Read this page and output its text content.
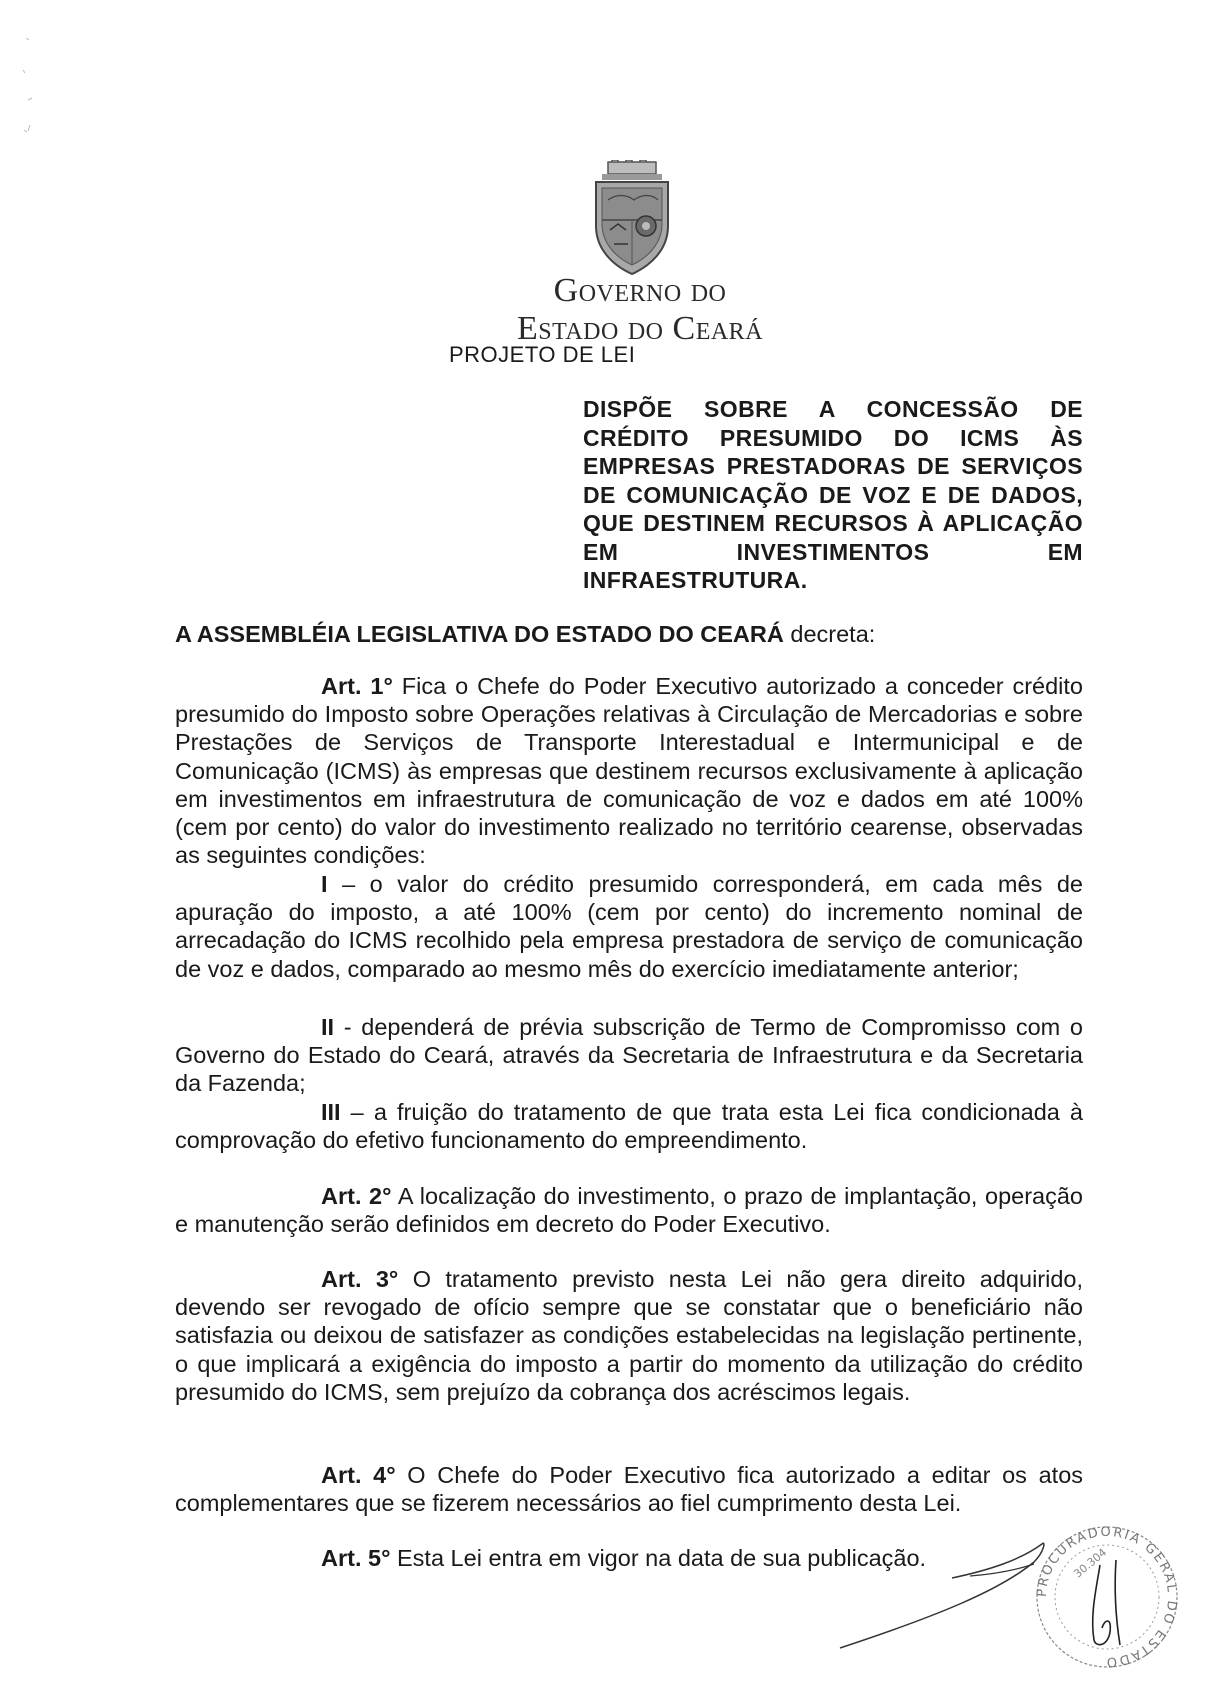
GOVERNO DO
ESTADO DO CEARÁ
PROJETO DE LEI
DISPÕE SOBRE A CONCESSÃO DE CRÉDITO PRESUMIDO DO ICMS ÀS EMPRESAS PRESTADORAS DE SERVIÇOS DE COMUNICAÇÃO DE VOZ E DE DADOS, QUE DESTINEM RECURSOS À APLICAÇÃO EM INVESTIMENTOS EM INFRAESTRUTURA.
A ASSEMBLÉIA LEGISLATIVA DO ESTADO DO CEARÁ decreta:
Art. 1° Fica o Chefe do Poder Executivo autorizado a conceder crédito presumido do Imposto sobre Operações relativas à Circulação de Mercadorias e sobre Prestações de Serviços de Transporte Interestadual e Intermunicipal e de Comunicação (ICMS) às empresas que destinem recursos exclusivamente à aplicação em investimentos em infraestrutura de comunicação de voz e dados em até 100% (cem por cento) do valor do investimento realizado no território cearense, observadas as seguintes condições:
I – o valor do crédito presumido corresponderá, em cada mês de apuração do imposto, a até 100% (cem por cento) do incremento nominal de arrecadação do ICMS recolhido pela empresa prestadora de serviço de comunicação de voz e dados, comparado ao mesmo mês do exercício imediatamente anterior;
II - dependerá de prévia subscrição de Termo de Compromisso com o Governo do Estado do Ceará, através da Secretaria de Infraestrutura e da Secretaria da Fazenda;
III – a fruição do tratamento de que trata esta Lei fica condicionada à comprovação do efetivo funcionamento do empreendimento.
Art. 2° A localização do investimento, o prazo de implantação, operação e manutenção serão definidos em decreto do Poder Executivo.
Art. 3° O tratamento previsto nesta Lei não gera direito adquirido, devendo ser revogado de ofício sempre que se constatar que o beneficiário não satisfazia ou deixou de satisfazer as condições estabelecidas na legislação pertinente, o que implicará a exigência do imposto a partir do momento da utilização do crédito presumido do ICMS, sem prejuízo da cobrança dos acréscimos legais.
Art. 4° O Chefe do Poder Executivo fica autorizado a editar os atos complementares que se fizerem necessários ao fiel cumprimento desta Lei.
Art. 5° Esta Lei entra em vigor na data de sua publicação.
PROCURADORIA GERAL DO ESTADO
30.304
